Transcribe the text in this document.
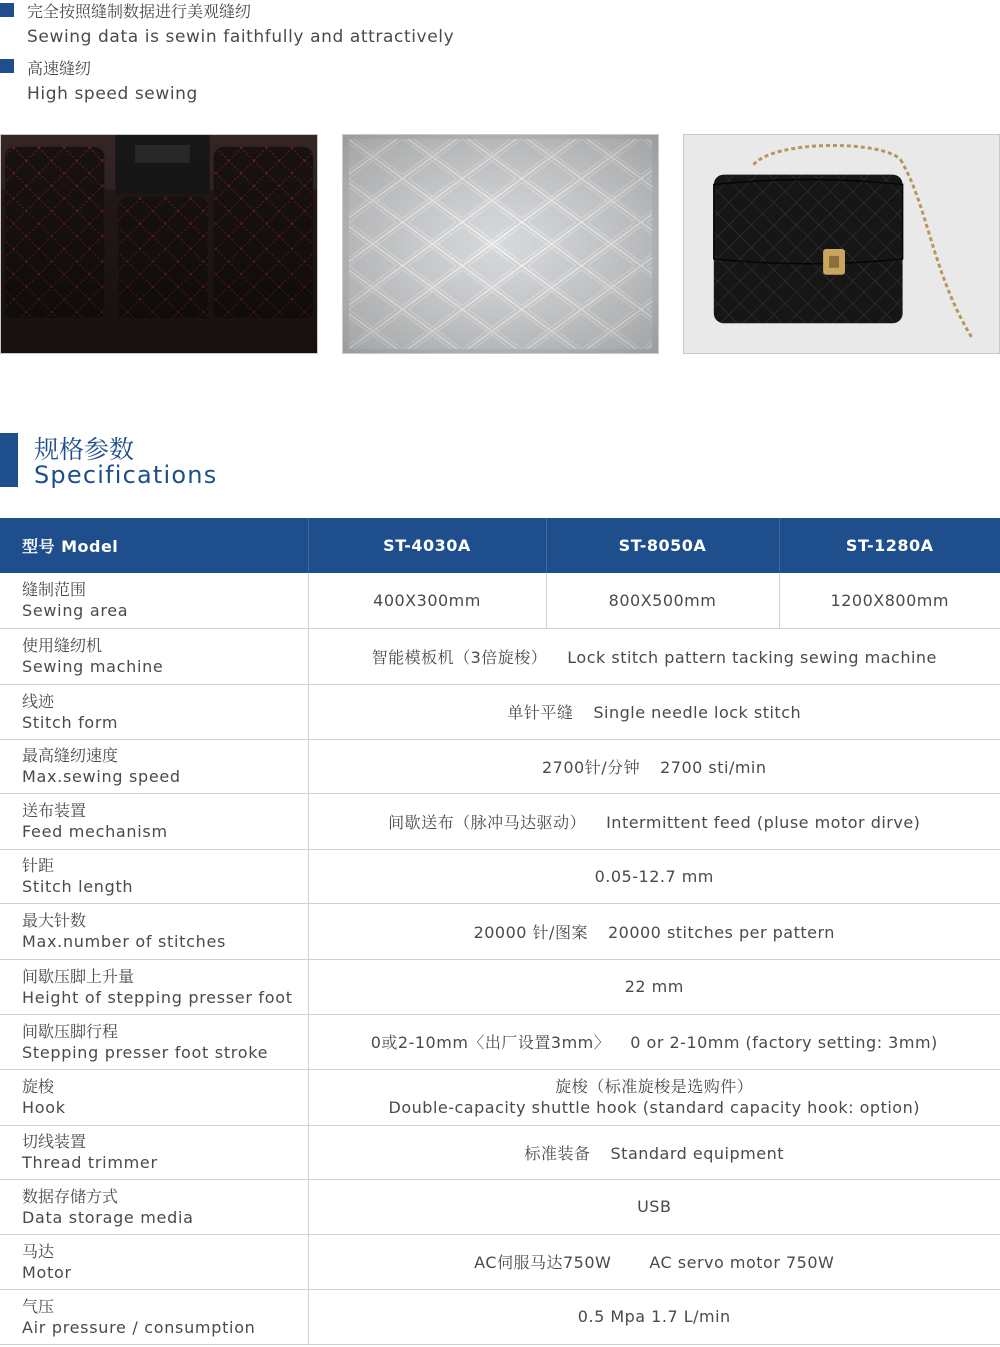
完全按照缝制数据进行美观缝纫
Sewing data is sewin faithfully and attractively
高速缝纫
High speed sewing
规格参数
Specifications
型号 Model	ST-4030A	ST-8050A	ST-1280A

缝制范围
Sewing area	400X300mm	800X500mm	1200X800mm

使用缝纫机
Sewing machine	智能模板机（3倍旋梭） Lock stitch pattern tacking sewing machine		

线迹
Stitch form	单针平缝 Single needle lock stitch		

最高缝纫速度
Max.sewing speed	2700针/分钟 2700 sti/min		

送布装置
Feed mechanism	间歇送布（脉冲马达驱动） Intermittent feed (pluse motor dirve)		

针距
Stitch length	0.05-12.7 mm		

最大针数
Max.number of stitches	20000 针/图案 20000 stitches per pattern		

间歇压脚上升量
Height of stepping presser foot	22 mm		

间歇压脚行程
Stepping presser foot stroke	0或2-10mm〈出厂设置3mm〉 0 or 2-10mm (factory setting: 3mm)		

旋梭
Hook	旋梭（标准旋梭是选购件）
Double-capacity shuttle hook (standard capacity hook: option)		

切线装置
Thread trimmer	标准装备 Standard equipment		

数据存储方式
Data storage media	USB		

马达
Motor	AC伺服马达750W AC servo motor 750W		

气压
Air pressure / consumption	0.5 Mpa 1.7 L/min		
